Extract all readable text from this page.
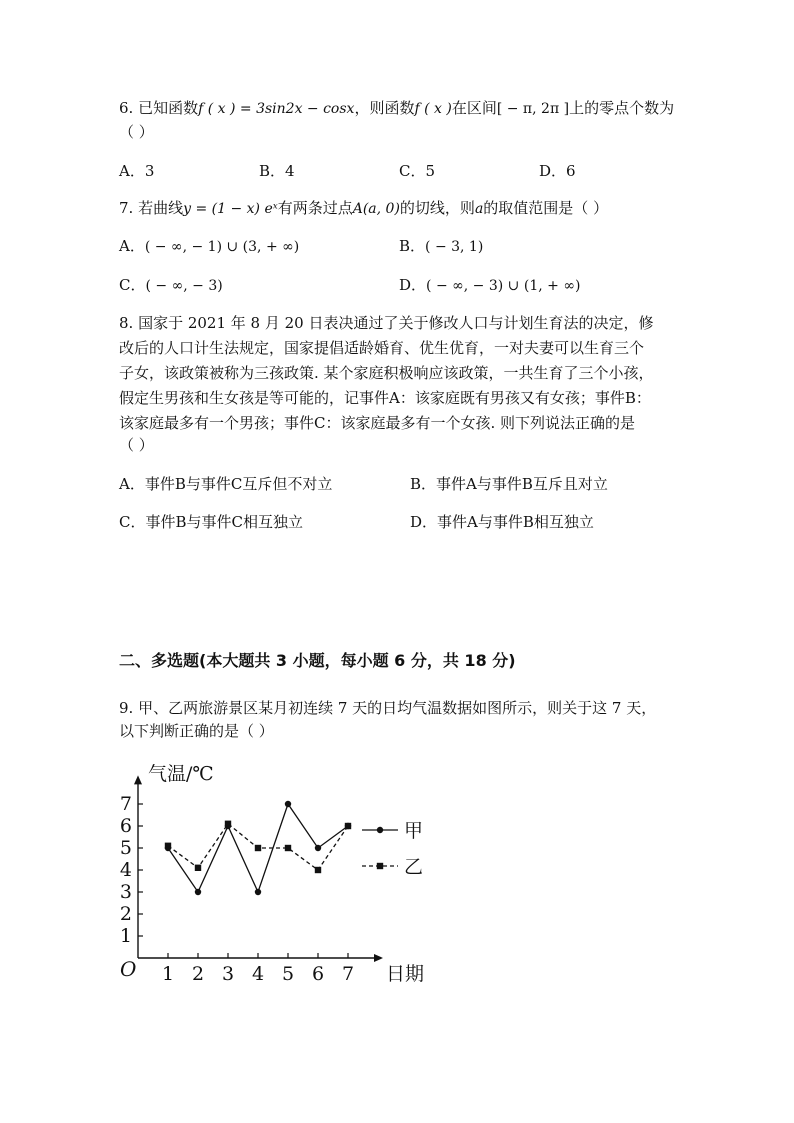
6. 已知函数f ( x ) = 3sin2x − cosx，则函数f ( x )在区间[ − π, 2π ]上的零点个数为
（ ）
A．3	B．4	C．5	D．6
7. 若曲线y = (1 − x) eˣ有两条过点A(a, 0)的切线，则a的取值范围是（ ）
A．( − ∞, − 1) ∪ (3, + ∞)	B．( − 3, 1)
C．( − ∞, − 3)	D．( − ∞, − 3) ∪ (1, + ∞)
8. 国家于 2021 年 8 月 20 日表决通过了关于修改人口与计划生育法的决定，修
改后的人口计生法规定，国家提倡适龄婚育、优生优育，一对夫妻可以生育三个
子女，该政策被称为三孩政策. 某个家庭积极响应该政策，一共生育了三个小孩，
假定生男孩和生女孩是等可能的，记事件A：该家庭既有男孩又有女孩；事件B：
该家庭最多有一个男孩；事件C：该家庭最多有一个女孩. 则下列说法正确的是
（ ）
A．事件B与事件C互斥但不对立	B．事件A与事件B互斥且对立
C．事件B与事件C相互独立	D．事件A与事件B相互独立
二、多选题(本大题共 3 小题，每小题 6 分，共 18 分)
9. 甲、乙两旅游景区某月初连续 7 天的日均气温数据如图所示，则关于这 7 天，
以下判断正确的是（ ）
1
2
3
4
5
6
7
1 2 3 4 5 6 7
O
气温/℃
日期
甲
乙
